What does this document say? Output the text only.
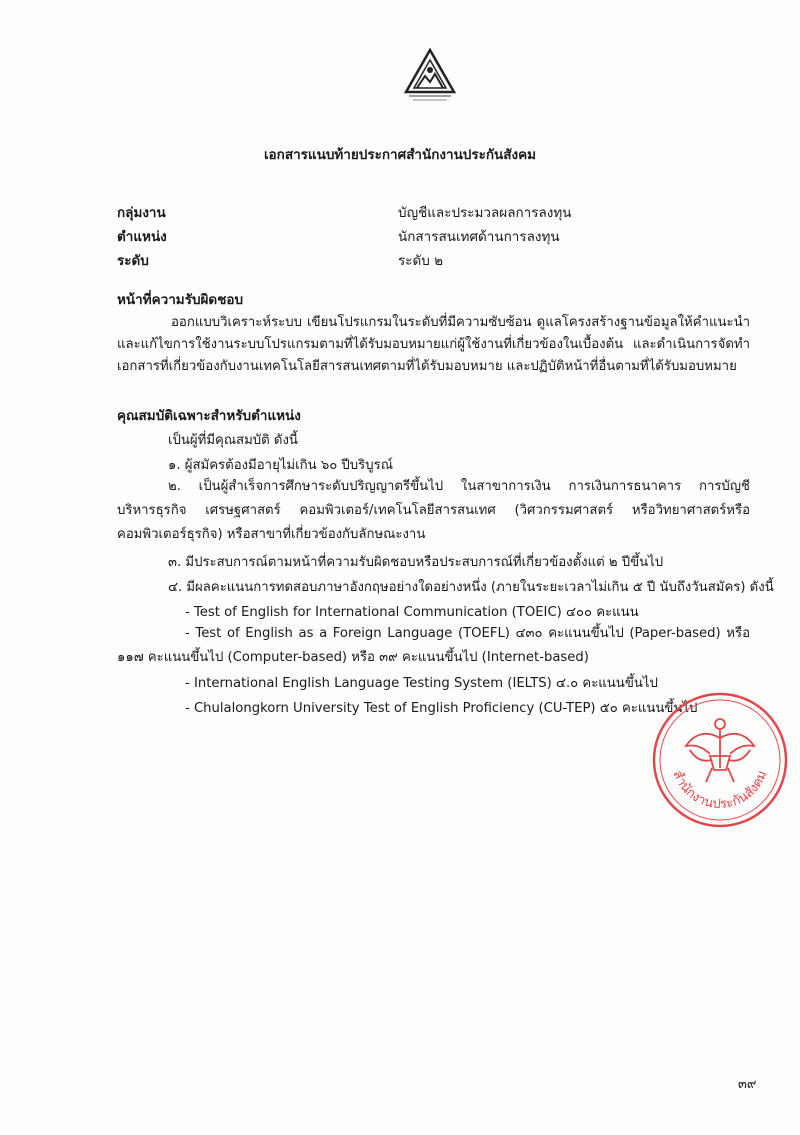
เอกสารแนบท้ายประกาศสำนักงานประกันสังคม
กลุ่มงาน	บัญชีและประมวลผลการลงทุน
ตำแหน่ง	นักสารสนเทศด้านการลงทุน
ระดับ	ระดับ ๒
หน้าที่ความรับผิดชอบ

ออกแบบวิเคราะห์ระบบ เขียนโปรแกรมในระดับที่มีความซับซ้อน ดูแลโครงสร้างฐานข้อมูลให้คำแนะนำและแก้ไขการใช้งานระบบโปรแกรมตามที่ได้รับมอบหมายแก่ผู้ใช้งานที่เกี่ยวข้องในเบื้องต้น และดำเนินการจัดทำเอกสารที่เกี่ยวข้องกับงานเทคโนโลยีสารสนเทศตามที่ได้รับมอบหมาย และปฏิบัติหน้าที่อื่นตามที่ได้รับมอบหมาย

คุณสมบัติเฉพาะสำหรับตำแหน่ง
เป็นผู้ที่มีคุณสมบัติ ดังนี้
๑. ผู้สมัครต้องมีอายุไม่เกิน ๖๐ ปีบริบูรณ์

๒. เป็นผู้สำเร็จการศึกษาระดับปริญญาตรีขึ้นไป ในสาขาการเงิน การเงินการธนาคาร การบัญชี บริหารธุรกิจ เศรษฐศาสตร์ คอมพิวเตอร์/เทคโนโลยีสารสนเทศ (วิศวกรรมศาสตร์ หรือวิทยาศาสตร์หรือคอมพิวเตอร์ธุรกิจ) หรือสาขาที่เกี่ยวข้องกับลักษณะงาน

๓. มีประสบการณ์ตามหน้าที่ความรับผิดชอบหรือประสบการณ์ที่เกี่ยวข้องตั้งแต่ ๒ ปีขึ้นไป
๔. มีผลคะแนนการทดสอบภาษาอังกฤษอย่างใดอย่างหนึ่ง (ภายในระยะเวลาไม่เกิน ๕ ปี นับถึงวันสมัคร) ดังนี้
- Test of English for International Communication (TOEIC) ๔๐๐ คะแนน

- Test of English as a Foreign Language (TOEFL) ๔๓๐ คะแนนขึ้นไป (Paper-based) หรือ ๑๑๗ คะแนนขึ้นไป (Computer-based) หรือ ๓๙ คะแนนขึ้นไป (Internet-based)

- International English Language Testing System (IELTS) ๔.๐ คะแนนขึ้นไป
- Chulalongkorn University Test of English Proficiency (CU-TEP) ๕๐ คะแนนขึ้นไป
สำนักงานประกันสังคม
๓๙
